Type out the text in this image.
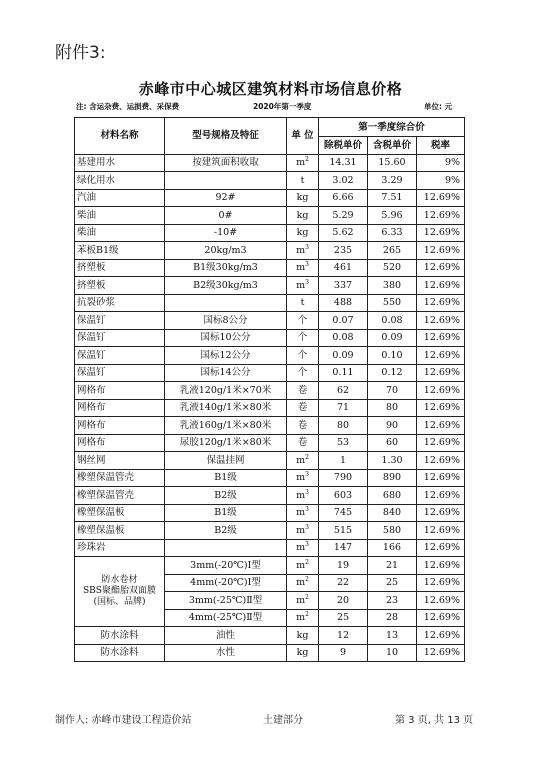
附件3:
赤峰市中心城区建筑材料市场信息价格
注: 含运杂费、运损费、采保费	2020年第一季度	单位: 元
材料名称	型号规格及特征	单 位	第一季度综合价		
			除税单价	含税单价	税率
基建用水	按建筑面积收取	$m^2$	14.31	15.60	9%
绿化用水		t	3.02	3.29	9%
汽油	92#	kg	6.66	7.51	12.69%
柴油	0#	kg	5.29	5.96	12.69%
柴油	-10#	kg	5.62	6.33	12.69%
苯板B1级	20kg/m3	$m^3$	235	265	12.69%
挤塑板	B1级30kg/m3	$m^3$	461	520	12.69%
挤塑板	B2级30kg/m3	$m^3$	337	380	12.69%
抗裂砂浆		t	488	550	12.69%
保温钉	国标8公分	个	0.07	0.08	12.69%
保温钉	国标10公分	个	0.08	0.09	12.69%
保温钉	国标12公分	个	0.09	0.10	12.69%
保温钉	国标14公分	个	0.11	0.12	12.69%
网格布	乳液120g/1米×70米	卷	62	70	12.69%
网格布	乳液140g/1米×80米	卷	71	80	12.69%
网格布	乳液160g/1米×80米	卷	80	90	12.69%
网格布	尿胶120g/1米×80米	卷	53	60	12.69%
钢丝网	保温挂网	$m^2$	1	1.30	12.69%
橡塑保温管壳	B1级	$m^3$	790	890	12.69%
橡塑保温管壳	B2级	$m^3$	603	680	12.69%
橡塑保温板	B1级	$m^3$	745	840	12.69%
橡塑保温板	B2级	$m^3$	515	580	12.69%
珍珠岩		$m^3$	147	166	12.69%

防水卷材
SBS聚酯胎双面膜
(国标、品牌)	3mm(-20℃)Ⅰ型	$m^2$	19	21	12.69%
	4mm(-20℃)Ⅰ型	$m^2$	22	25	12.69%
	3mm(-25℃)Ⅱ型	$m^2$	20	23	12.69%
	4mm(-25℃)Ⅱ型	$m^2$	25	28	12.69%
防水涂料	油性	kg	12	13	12.69%
防水涂料	水性	kg	9	10	12.69%
制作人: 赤峰市建设工程造价站	土建部分	第 3 页, 共 13 页
